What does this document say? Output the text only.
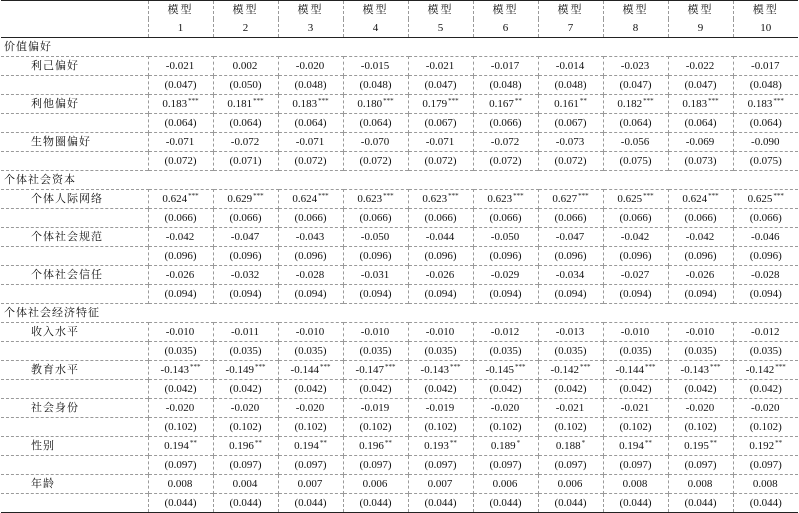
	模型	模型	模型	模型	模型	模型	模型	模型	模型	模型
	1	2	3	4	5	6	7	8	9	10
价值偏好										
利己偏好	-0.021	0.002	-0.020	-0.015	-0.021	-0.017	-0.014	-0.023	-0.022	-0.017
	(0.047)	(0.050)	(0.048)	(0.048)	(0.047)	(0.048)	(0.048)	(0.047)	(0.047)	(0.048)
利他偏好	0.183***	0.181***	0.183***	0.180***	0.179***	0.167**	0.161**	0.182***	0.183***	0.183***
	(0.064)	(0.064)	(0.064)	(0.064)	(0.067)	(0.066)	(0.067)	(0.064)	(0.064)	(0.064)
生物圈偏好	-0.071	-0.072	-0.071	-0.070	-0.071	-0.072	-0.073	-0.056	-0.069	-0.090
	(0.072)	(0.071)	(0.072)	(0.072)	(0.072)	(0.072)	(0.072)	(0.075)	(0.073)	(0.075)
个体社会资本										
个体人际网络	0.624***	0.629***	0.624***	0.623***	0.623***	0.623***	0.627***	0.625***	0.624***	0.625***
	(0.066)	(0.066)	(0.066)	(0.066)	(0.066)	(0.066)	(0.066)	(0.066)	(0.066)	(0.066)
个体社会规范	-0.042	-0.047	-0.043	-0.050	-0.044	-0.050	-0.047	-0.042	-0.042	-0.046
	(0.096)	(0.096)	(0.096)	(0.096)	(0.096)	(0.096)	(0.096)	(0.096)	(0.096)	(0.096)
个体社会信任	-0.026	-0.032	-0.028	-0.031	-0.026	-0.029	-0.034	-0.027	-0.026	-0.028
	(0.094)	(0.094)	(0.094)	(0.094)	(0.094)	(0.094)	(0.094)	(0.094)	(0.094)	(0.094)
个体社会经济特征										
收入水平	-0.010	-0.011	-0.010	-0.010	-0.010	-0.012	-0.013	-0.010	-0.010	-0.012
	(0.035)	(0.035)	(0.035)	(0.035)	(0.035)	(0.035)	(0.035)	(0.035)	(0.035)	(0.035)
教育水平	-0.143***	-0.149***	-0.144***	-0.147***	-0.143***	-0.145***	-0.142***	-0.144***	-0.143***	-0.142***
	(0.042)	(0.042)	(0.042)	(0.042)	(0.042)	(0.042)	(0.042)	(0.042)	(0.042)	(0.042)
社会身份	-0.020	-0.020	-0.020	-0.019	-0.019	-0.020	-0.021	-0.021	-0.020	-0.020
	(0.102)	(0.102)	(0.102)	(0.102)	(0.102)	(0.102)	(0.102)	(0.102)	(0.102)	(0.102)
性别	0.194**	0.196**	0.194**	0.196**	0.193**	0.189*	0.188*	0.194**	0.195**	0.192**
	(0.097)	(0.097)	(0.097)	(0.097)	(0.097)	(0.097)	(0.097)	(0.097)	(0.097)	(0.097)
年龄	0.008	0.004	0.007	0.006	0.007	0.006	0.006	0.008	0.008	0.008
	(0.044)	(0.044)	(0.044)	(0.044)	(0.044)	(0.044)	(0.044)	(0.044)	(0.044)	(0.044)
